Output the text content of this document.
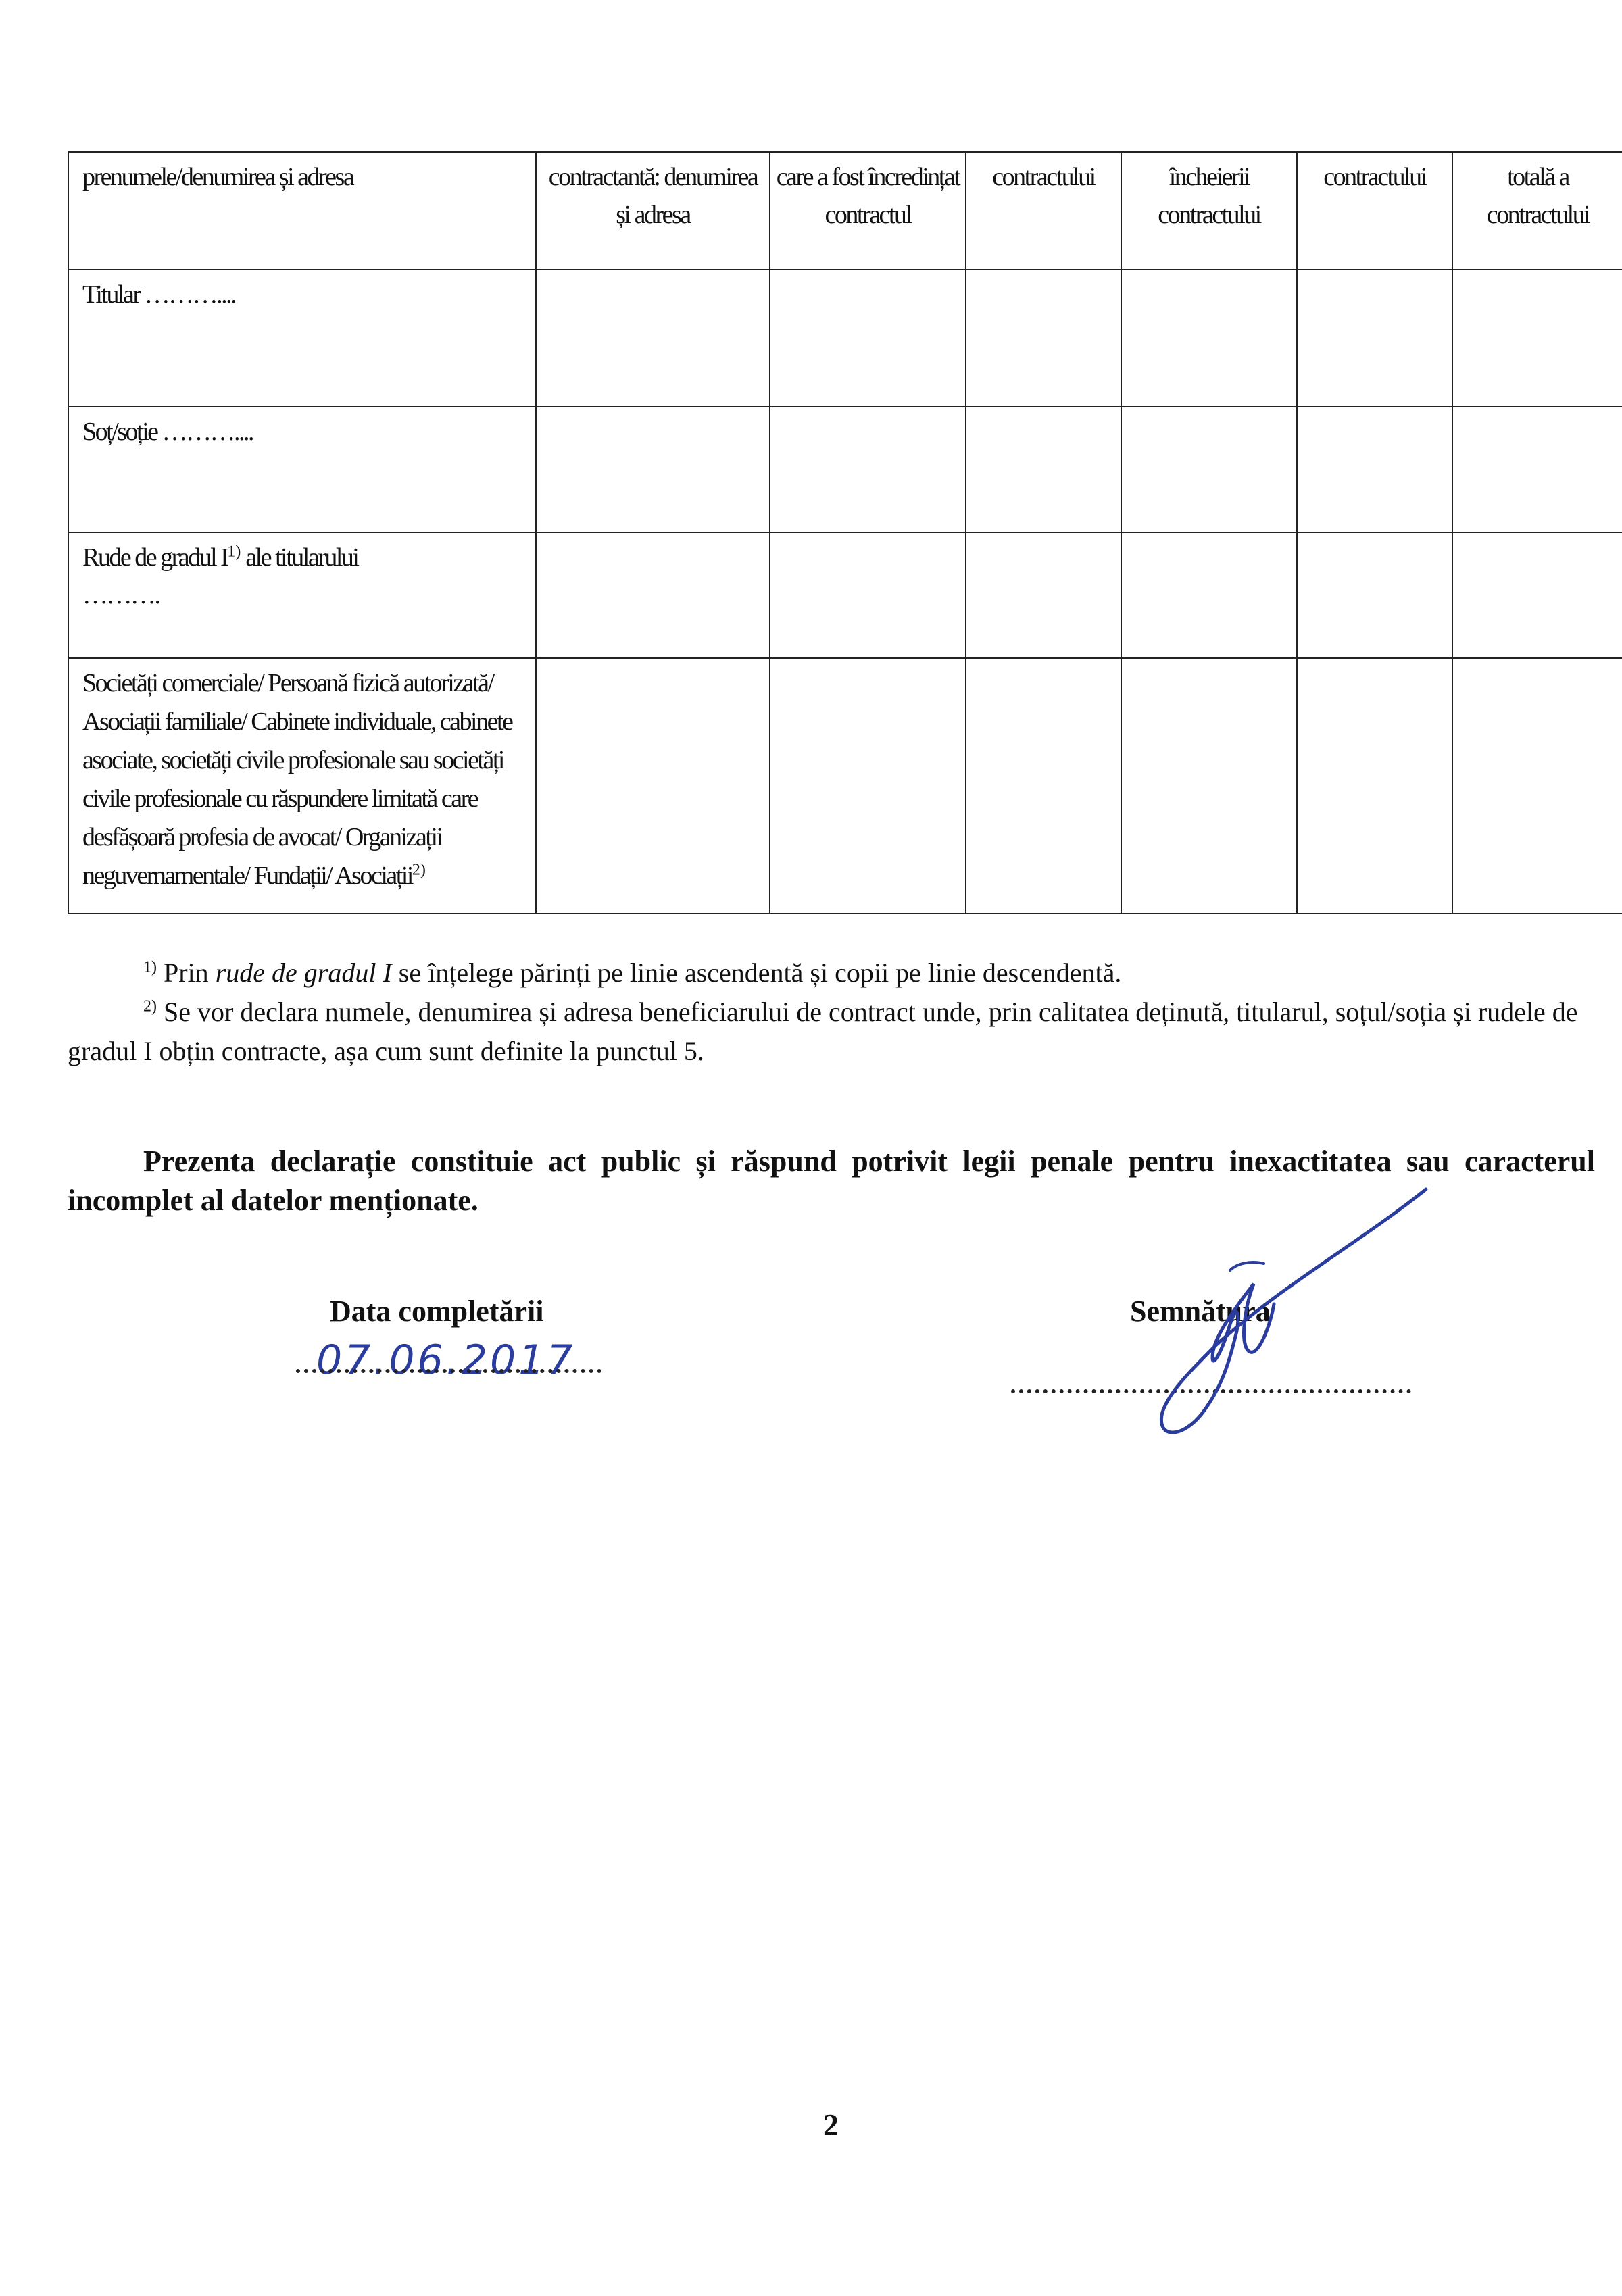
prenumele/denumirea și adresa	contractantă: denumirea și adresa	care a fost încredințat contractul	contractului	încheierii contractului	contractului	totală a contractului
Titular ………....						
Soț/soție ………....						
Rude de gradul $I^{1)}$ ale titularului
……….						
Societăți comerciale/ Persoană fizică autorizată/ Asociații familiale/ Cabinete individuale, cabinete asociate, societăți civile profesionale sau societăți civile profesionale cu răspundere limitată care desfășoară profesia de avocat/ Organizații neguvernamentale/ Fundații/ Asociații$^{2)}$						
$^{1)}$ Prin rude de gradul I se înțelege părinți pe linie ascendentă și copii pe linie descendentă.
$^{2)}$ Se vor declara numele, denumirea și adresa beneficiarului de contract unde, prin calitatea deținută, titularul, soțul/soția și rudele de gradul I obțin contracte, așa cum sunt definite la punctul 5.
Prezenta declarație constituie act public și răspund potrivit legii penale pentru inexactitatea sau caracterul incomplet al datelor menționate.
Data completării
07.06.2017
Semnătura
2
